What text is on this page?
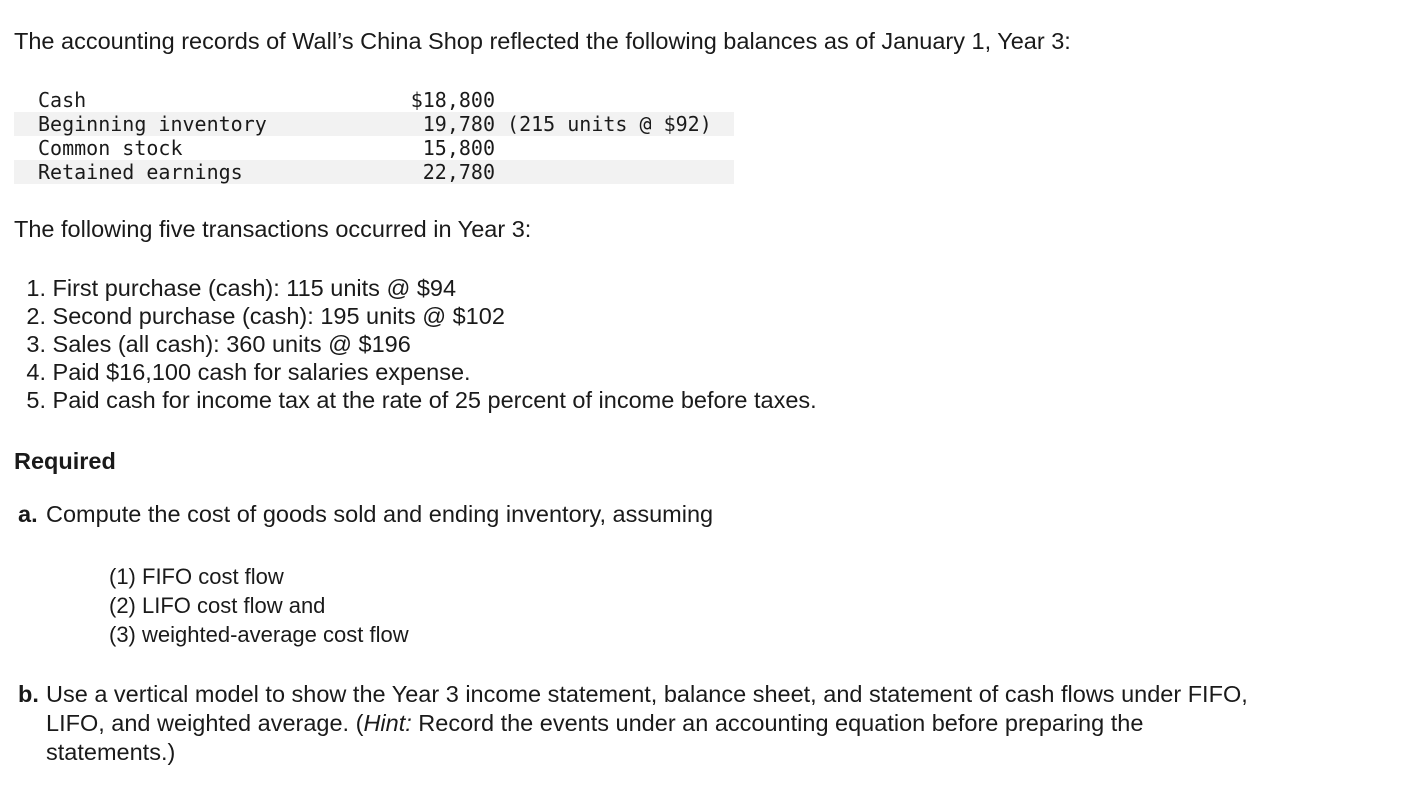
The accounting records of Wall’s China Shop reflected the following balances as of January 1, Year 3:

Cash	$18,800	
Beginning inventory	19,780	(215 units @ $92)
Common stock	15,800	
Retained earnings	22,780	

The following five transactions occurred in Year 3:

1. First purchase (cash): 115 units @ $94
2. Second purchase (cash): 195 units @ $102
3. Sales (all cash): 360 units @ $196
4. Paid $16,100 cash for salaries expense.
5. Paid cash for income tax at the rate of 25 percent of income before taxes.

Required

a. Compute the cost of goods sold and ending inventory, assuming

(1) FIFO cost flow
(2) LIFO cost flow and
(3) weighted-average cost flow

b. Use a vertical model to show the Year 3 income statement, balance sheet, and statement of cash flows under FIFO,
LIFO, and weighted average. (Hint: Record the events under an accounting equation before preparing the
statements.)
